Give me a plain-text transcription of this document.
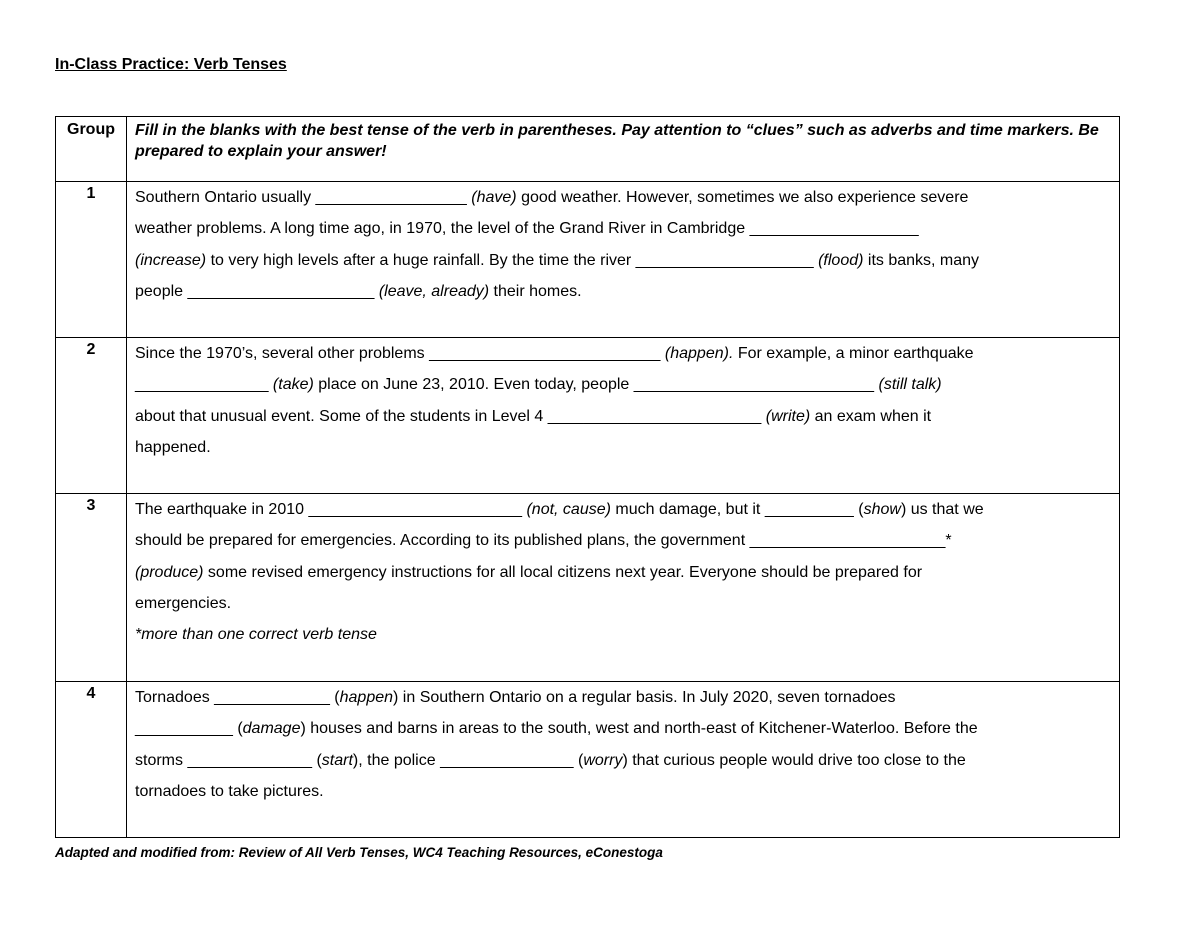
In-Class Practice: Verb Tenses
Group	Fill in the blanks with the best tense of the verb in parentheses. Pay attention to “clues” such as adverbs and time markers. Be prepared to explain your answer!
1	Southern Ontario usually _________________ (have) good weather. However, sometimes we also experience severe
weather problems. A long time ago, in 1970, the level of the Grand River in Cambridge ___________________
(increase) to very high levels after a huge rainfall. By the time the river ____________________ (flood) its banks, many
people _____________________ (leave, already) their homes.

2	Since the 1970’s, several other problems __________________________ (happen). For example, a minor earthquake
_______________ (take) place on June 23, 2010. Even today, people ___________________________ (still talk)
about that unusual event. Some of the students in Level 4 ________________________ (write) an exam when it
happened.

3	The earthquake in 2010 ________________________ (not, cause) much damage, but it __________ (show) us that we
should be prepared for emergencies. According to its published plans, the government ______________________*
(produce) some revised emergency instructions for all local citizens next year. Everyone should be prepared for
emergencies.
*more than one correct verb tense

4	Tornadoes _____________ (happen) in Southern Ontario on a regular basis. In July 2020, seven tornadoes
___________ (damage) houses and barns in areas to the south, west and north-east of Kitchener-Waterloo. Before the
storms ______________ (start), the police _______________ (worry) that curious people would drive too close to the
tornadoes to take pictures.
Adapted and modified from: Review of All Verb Tenses, WC4 Teaching Resources, eConestoga
